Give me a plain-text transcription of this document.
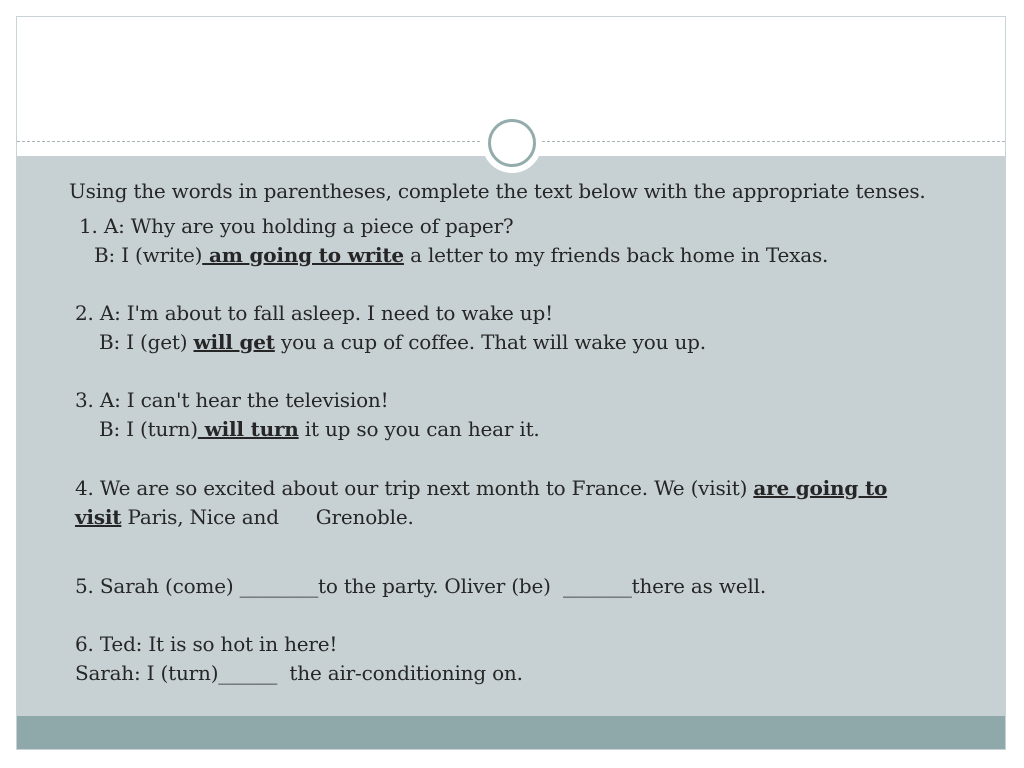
Using the words in parentheses, complete the text below with the appropriate tenses.
1. A: Why are you holding a piece of paper?
B: I (write) am going to write a letter to my friends back home in Texas.
2. A: I'm about to fall asleep. I need to wake up!
B: I (get) will get you a cup of coffee. That will wake you up.
3. A: I can't hear the television!
B: I (turn) will turn it up so you can hear it.
4. We are so excited about our trip next month to France. We (visit) are going to
visit Paris, Nice and      Grenoble.
5. Sarah (come) ________to the party. Oliver (be)  _______there as well.
6. Ted: It is so hot in here!
Sarah: I (turn)______  the air-conditioning on.
